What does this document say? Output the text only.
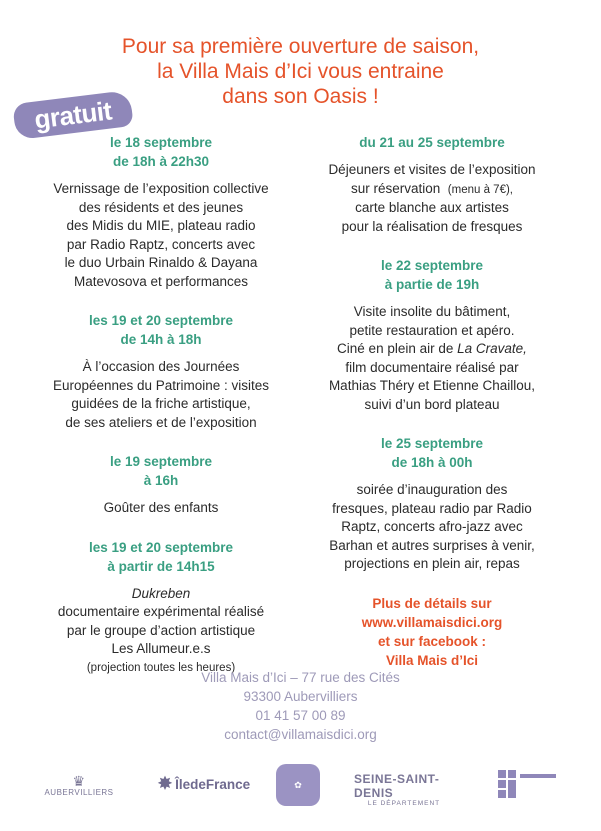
Pour sa première ouverture de saison,
la Villa Mais d’Ici vous entraine
dans son Oasis !
gratuit
le 18 septembre
de 18h à 22h30
Vernissage de l’exposition collective
des résidents et des jeunes
des Midis du MIE, plateau radio
par Radio Raptz, concerts avec
le duo Urbain Rinaldo & Dayana
Matevosova et performances
les 19 et 20 septembre
de 14h à 18h
À l’occasion des Journées
Européennes du Patrimoine : visites
guidées de la friche artistique,
de ses ateliers et de l’exposition
le 19 septembre
à 16h
Goûter des enfants
les 19 et 20 septembre
à partir de 14h15
Dukreben
documentaire expérimental réalisé
par le groupe d’action artistique
Les Allumeur.e.s
(projection toutes les heures)
du 21 au 25 septembre
Déjeuners et visites de l’exposition
sur réservation (menu à 7€),
carte blanche aux artistes
pour la réalisation de fresques
le 22 septembre
à partie de 19h
Visite insolite du bâtiment,
petite restauration et apéro.
Ciné en plein air de La Cravate,
film documentaire réalisé par
Mathias Théry et Etienne Chaillou,
suivi d’un bord plateau
le 25 septembre
de 18h à 00h
soirée d’inauguration des
fresques, plateau radio par Radio
Raptz, concerts afro-jazz avec
Barhan et autres surprises à venir,
projections en plein air, repas
Plus de détails sur
www.villamaisdici.org
et sur facebook :
Villa Mais d’Ici
Villa Mais d’Ici – 77 rue des Cités
93300 Aubervilliers
01 41 57 00 89
contact@villamaisdici.org
♛
AUBERVILLIERS	✸ ÎledeFrance	✿	SEINE-SAINT-DENIS
LE DÉPARTEMENT
